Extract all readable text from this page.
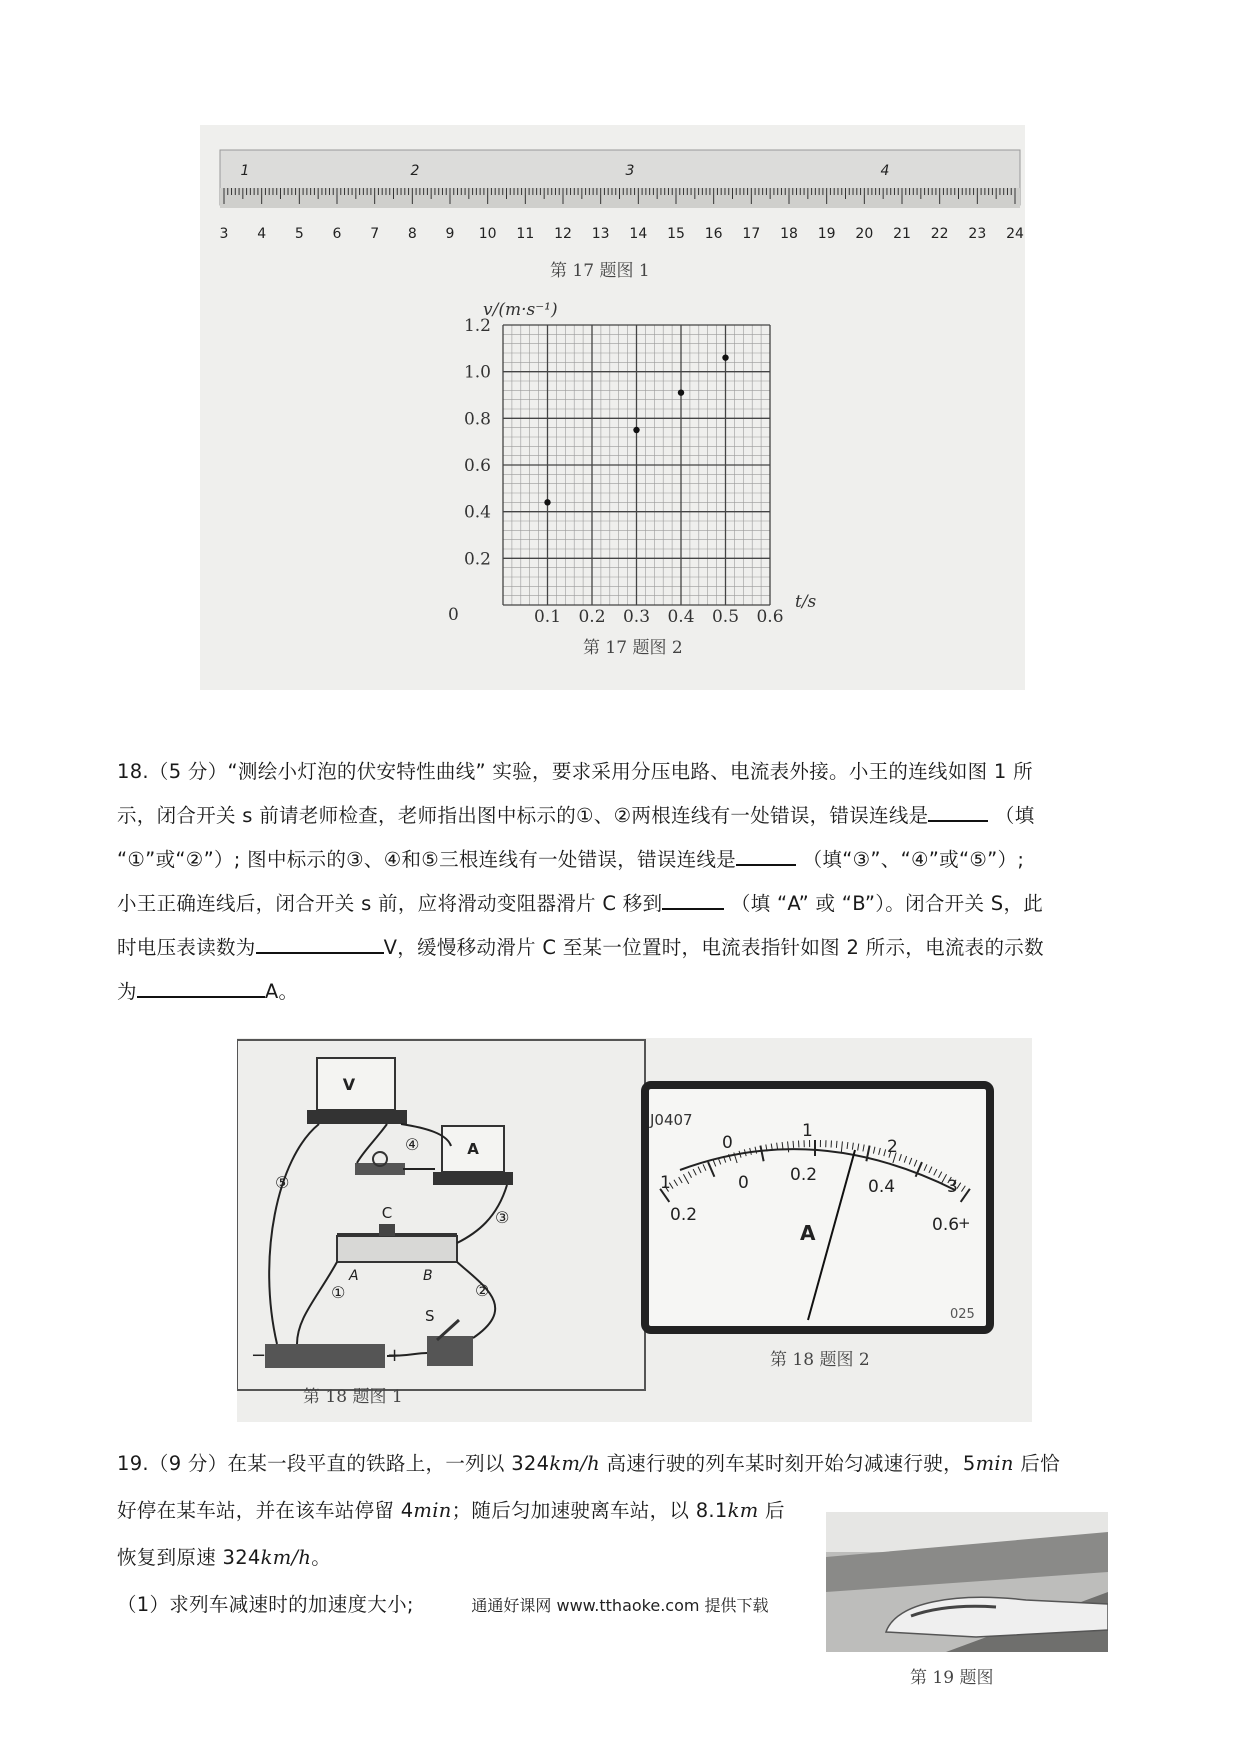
1	2	3	4
3 4 5 6 7 8 9 10 11 12 13 14 15 16 17 18 19 20 21 22 23 24
第 17 题图 1
0.1 0.2 0.3 0.4 0.5 0.6
0.2
0.4
0.6
0.8
1.0
1.2
v/(m·s⁻¹)
t/s
0
第 17 题图 2
18.（5 分）“测绘小灯泡的伏安特性曲线” 实验，要求采用分压电路、电流表外接。小王的连线如图 1 所
示，闭合开关 s 前请老师检查，老师指出图中标示的①、②两根连线有一处错误，错误连线是	（填
“①”或“②”）; 图中标示的③、④和⑤三根连线有一处错误，错误连线是	（填“③”、“④”或“⑤”）;
小王正确连线后，闭合开关 s 前，应将滑动变阻器滑片 C 移到	（填 “A” 或 “B”）。闭合开关 S，此
时电压表读数为	V，缓慢移动滑片 C 至某一位置时，电流表指针如图 2 所示，电流表的示数
为	A。
V
A
C
A	B
−	+
S
①	②
③
④
⑤
第 18 题图 1
J0407
025
0
1
2
3
0 0.2
0.4
0.6
1
0.2
A	+
第 18 题图 2
19.（9 分）在某一段平直的铁路上，一列以 324km/h 高速行驶的列车某时刻开始匀减速行驶，5min 后恰
好停在某车站，并在该车站停留 4min；随后匀加速驶离车站，以 8.1km 后
恢复到原速 324km/h。
（1）求列车减速时的加速度大小;
第 19 题图
通通好课网 www.tthaoke.com 提供下载
